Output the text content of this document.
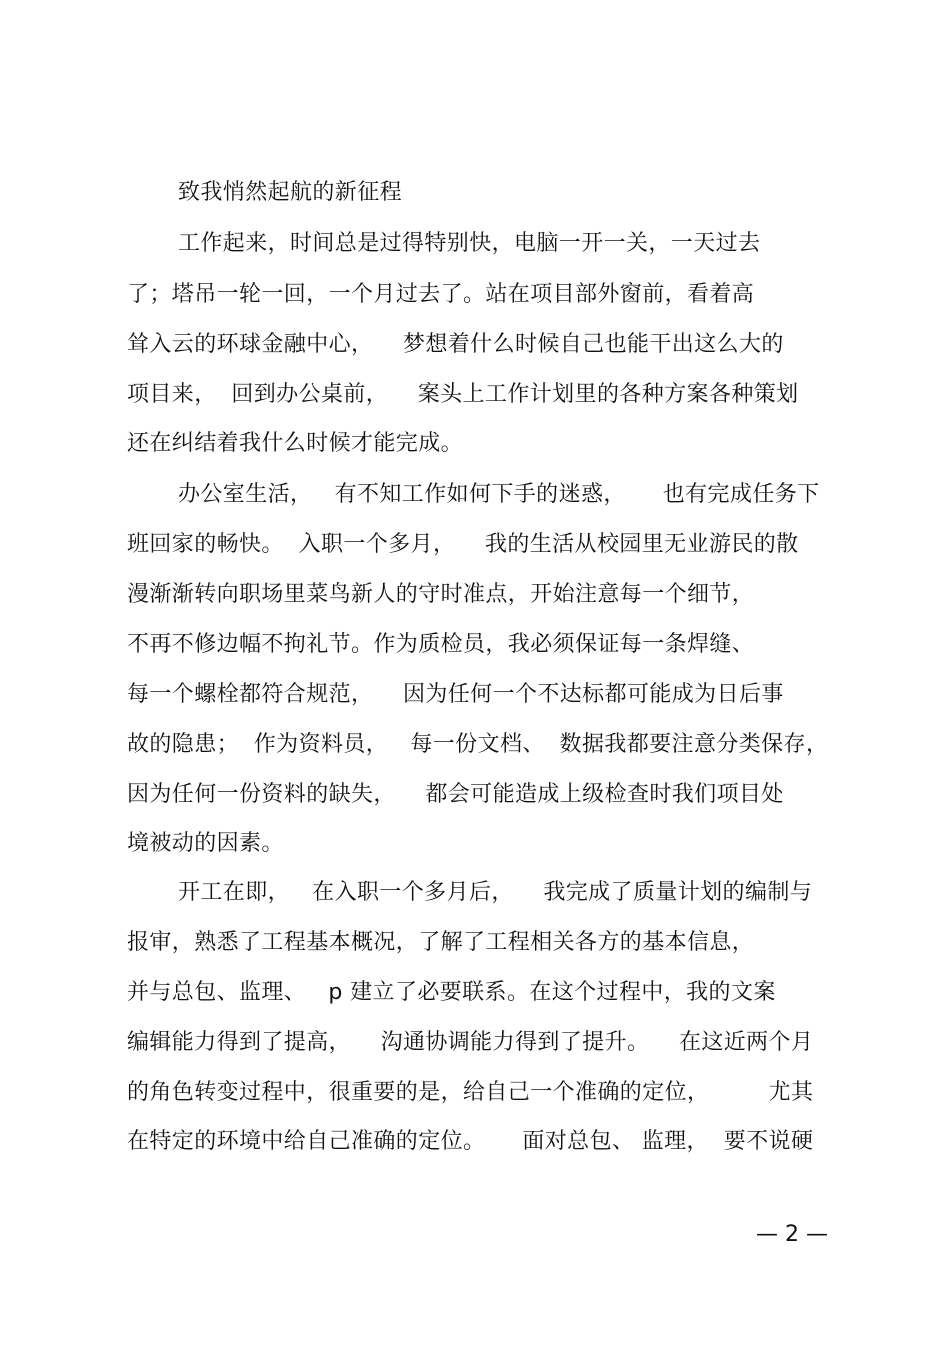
致我悄然起航的新征程
工作起来，时间总是过得特别快，电脑一开一关，一天过去
了；塔吊一轮一回，一个月过去了。站在项目部外窗前，看着高
耸入云的环球金融中心，    梦想着什么时候自己也能干出这么大的
项目来，  回到办公桌前，    案头上工作计划里的各种方案各种策划
还在纠结着我什么时候才能完成。
办公室生活，   有不知工作如何下手的迷惑，     也有完成任务下
班回家的畅快。  入职一个多月，    我的生活从校园里无业游民的散
漫渐渐转向职场里菜鸟新人的守时准点，开始注意每一个细节，
不再不修边幅不拘礼节。作为质检员，我必须保证每一条焊缝、
每一个螺栓都符合规范，    因为任何一个不达标都可能成为日后事
故的隐患；  作为资料员，   每一份文档、  数据我都要注意分类保存，
因为任何一份资料的缺失，    都会可能造成上级检查时我们项目处
境被动的因素。
开工在即，   在入职一个多月后，    我完成了质量计划的编制与
报审，熟悉了工程基本概况，了解了工程相关各方的基本信息，
并与总包、监理、   p 建立了必要联系。在这个过程中，我的文案
编辑能力得到了提高，    沟通协调能力得到了提升。    在这近两个月
的角色转变过程中，很重要的是，给自己一个准确的定位，        尤其
在特定的环境中给自己准确的定位。     面对总包、 监理，  要不说硬
— 2 —
